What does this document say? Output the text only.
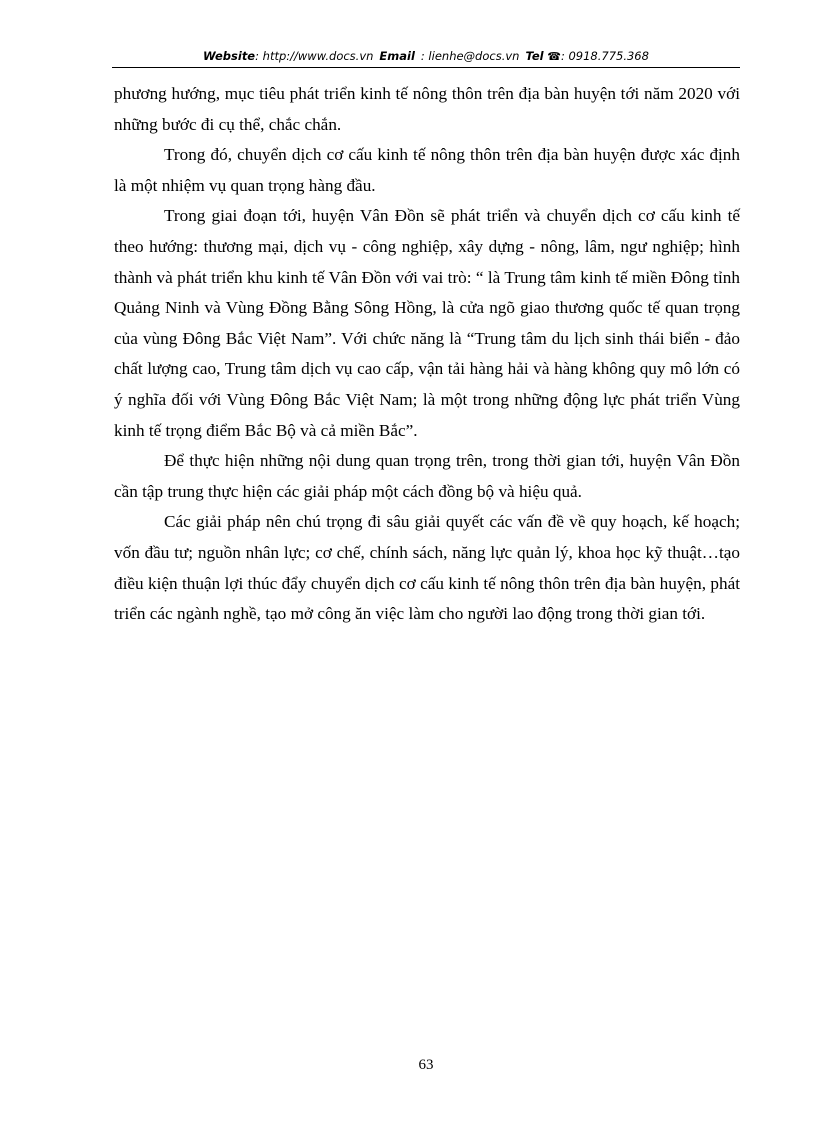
Website: http://www.docs.vn Email : lienhe@docs.vn Tel ☎: 0918.775.368

phương hướng, mục tiêu phát triển kinh tế nông thôn trên địa bàn huyện tới năm 2020 với những bước đi cụ thể, chắc chắn.

Trong đó, chuyển dịch cơ cấu kinh tế nông thôn trên địa bàn huyện được xác định là một nhiệm vụ quan trọng hàng đầu.

Trong giai đoạn tới, huyện Vân Đồn sẽ phát triển và chuyển dịch cơ cấu kinh tế theo hướng: thương mại, dịch vụ - công nghiệp, xây dựng - nông, lâm, ngư nghiệp; hình thành và phát triển khu kinh tế Vân Đồn với vai trò: “ là Trung tâm kinh tế miền Đông tỉnh Quảng Ninh và Vùng Đồng Bằng Sông Hồng, là cửa ngõ giao thương quốc tế quan trọng của vùng Đông Bắc Việt Nam”. Với chức năng là “Trung tâm du lịch sinh thái biển - đảo chất lượng cao, Trung tâm dịch vụ cao cấp, vận tải hàng hải và hàng không quy mô lớn có ý nghĩa đối với Vùng Đông Bắc Việt Nam; là một trong những động lực phát triển Vùng kinh tế trọng điểm Bắc Bộ và cả miền Bắc”.

Để thực hiện những nội dung quan trọng trên, trong thời gian tới, huyện Vân Đồn cần tập trung thực hiện các giải pháp một cách đồng bộ và hiệu quả.

Các giải pháp nên chú trọng đi sâu giải quyết các vấn đề về quy hoạch, kế hoạch; vốn đầu tư; nguồn nhân lực; cơ chế, chính sách, năng lực quản lý, khoa học kỹ thuật…tạo điều kiện thuận lợi thúc đẩy chuyển dịch cơ cấu kinh tế nông thôn trên địa bàn huyện, phát triển các ngành nghề, tạo mở công ăn việc làm cho người lao động trong thời gian tới.

63
